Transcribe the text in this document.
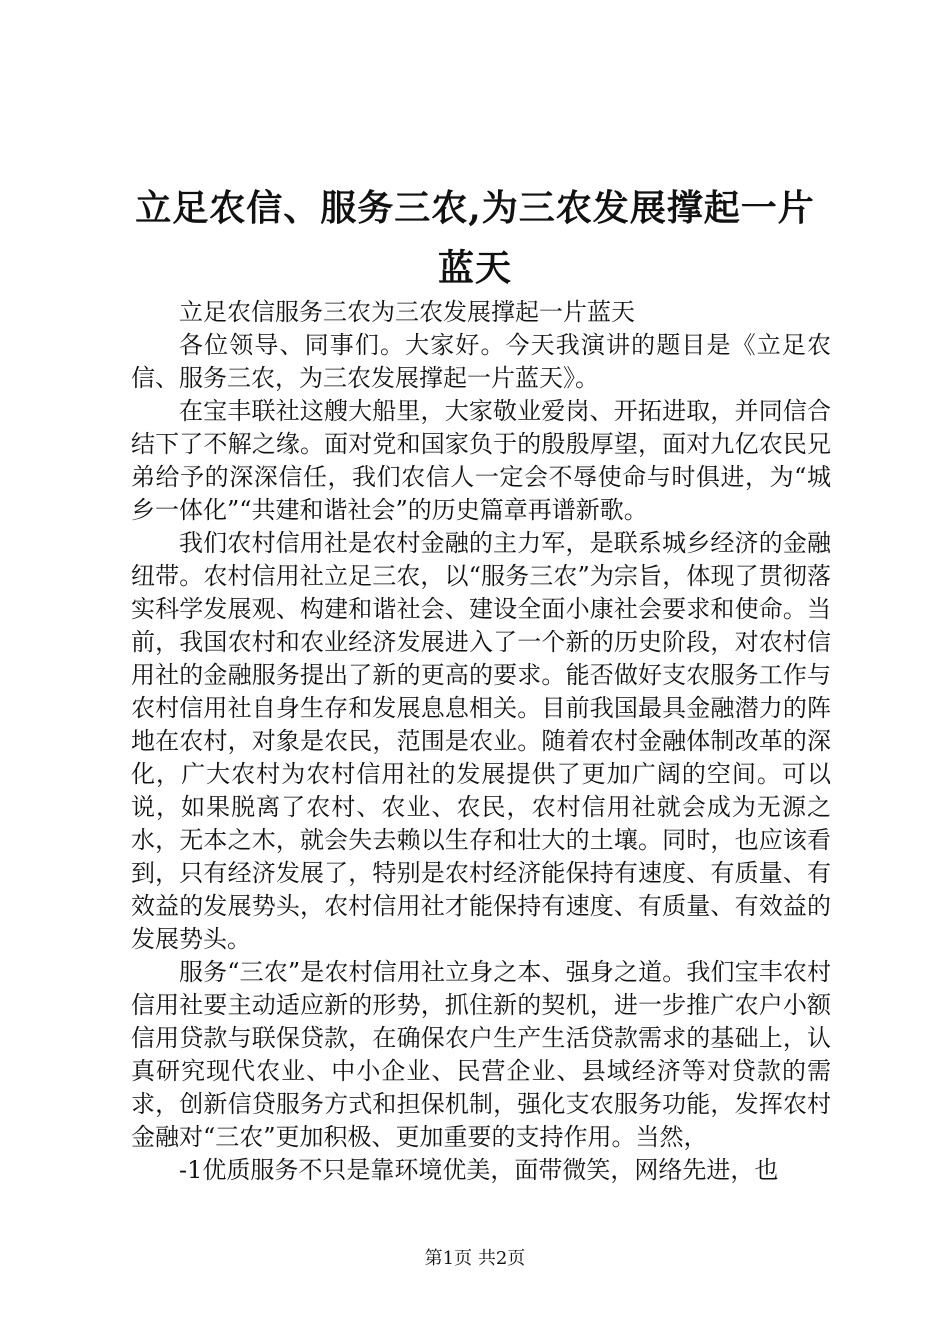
立足农信、服务三农,为三农发展撑起一片蓝天

立足农信服务三农为三农发展撑起一片蓝天

各位领导、同事们。大家好。今天我演讲的题目是《立足农信、服务三农，为三农发展撑起一片蓝天》。

在宝丰联社这艘大船里，大家敬业爱岗、开拓进取，并同信合结下了不解之缘。面对党和国家负于的殷殷厚望，面对九亿农民兄弟给予的深深信任，我们农信人一定会不辱使命与时俱进，为“城乡一体化”“共建和谐社会”的历史篇章再谱新歌。

我们农村信用社是农村金融的主力军，是联系城乡经济的金融纽带。农村信用社立足三农，以“服务三农”为宗旨，体现了贯彻落实科学发展观、构建和谐社会、建设全面小康社会要求和使命。当前，我国农村和农业经济发展进入了一个新的历史阶段，对农村信用社的金融服务提出了新的更高的要求。能否做好支农服务工作与农村信用社自身生存和发展息息相关。目前我国最具金融潜力的阵地在农村，对象是农民，范围是农业。随着农村金融体制改革的深化，广大农村为农村信用社的发展提供了更加广阔的空间。可以说，如果脱离了农村、农业、农民，农村信用社就会成为无源之水，无本之木，就会失去赖以生存和壮大的土壤。同时，也应该看到，只有经济发展了，特别是农村经济能保持有速度、有质量、有效益的发展势头，农村信用社才能保持有速度、有质量、有效益的发展势头。

服务“三农”是农村信用社立身之本、强身之道。我们宝丰农村信用社要主动适应新的形势，抓住新的契机，进一步推广农户小额信用贷款与联保贷款，在确保农户生产生活贷款需求的基础上，认真研究现代农业、中小企业、民营企业、县域经济等对贷款的需求，创新信贷服务方式和担保机制，强化支农服务功能，发挥农村金融对“三农”更加积极、更加重要的支持作用。当然，

-1优质服务不只是靠环境优美，面带微笑，网络先进，也

第1页 共2页
